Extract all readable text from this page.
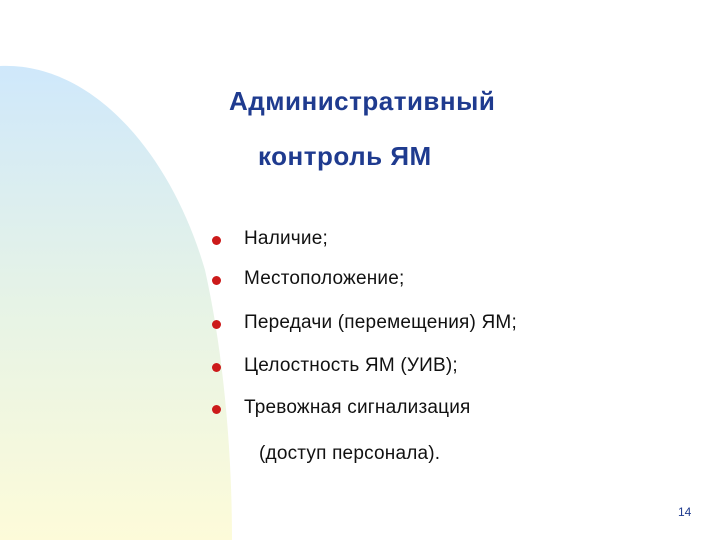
Административный
контроль ЯМ
Наличие;
Местоположение;
Передачи (перемещения) ЯМ;
Целостность ЯМ (УИВ);
Тревожная сигнализация
(доступ персонала).
14
